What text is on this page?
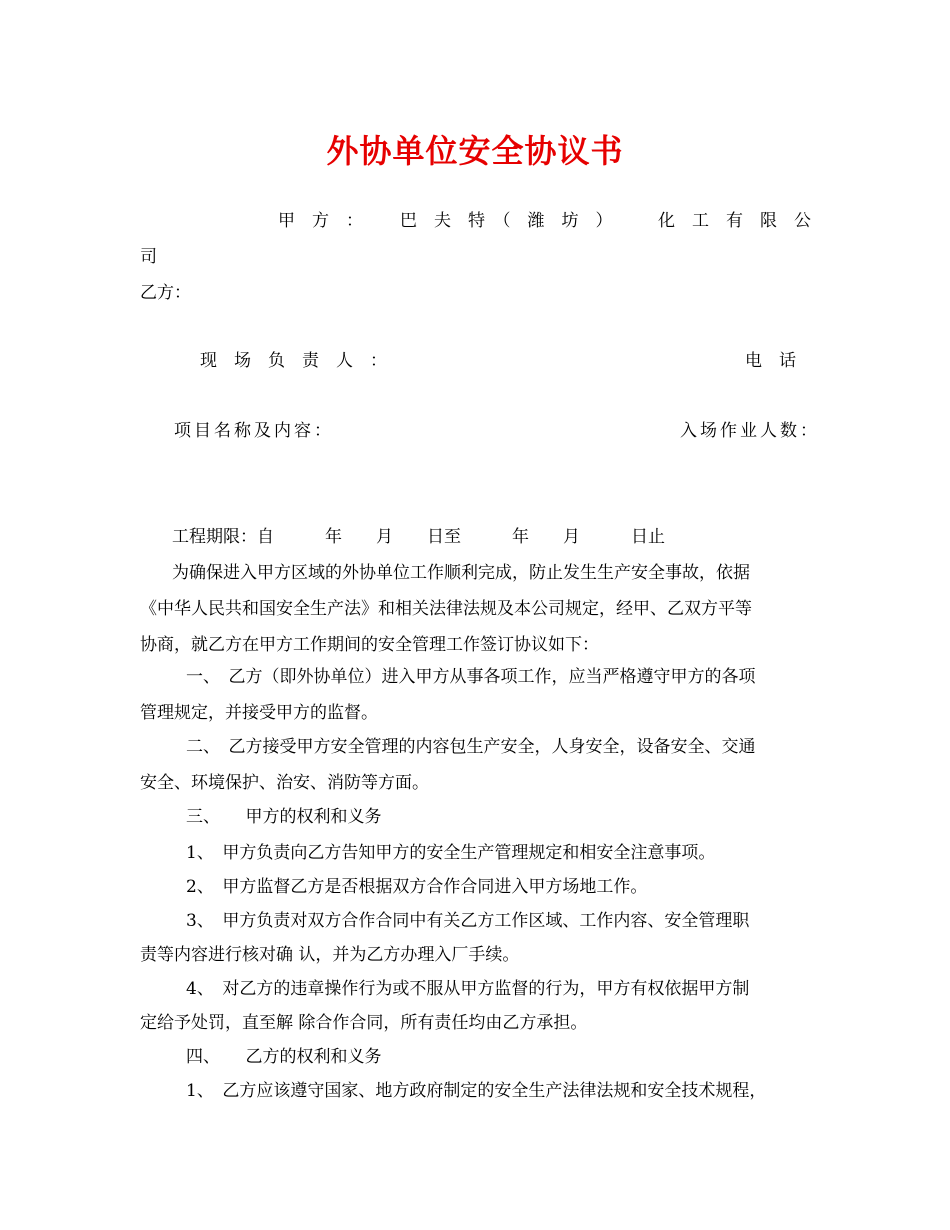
外协单位安全协议书
甲　方　： 巴　夫　特　（　潍　坊　）	化　工　有　限　公
司
乙方：
现　场　负　责　人　：	电　话
项目名称及内容：	入场作业人数：
工程期限：自　　　年　　月　　日至　　　年　　月　　　日止
为确保进入甲方区域的外协单位工作顺利完成，防止发生生产安全事故，依据
《中华人民共和国安全生产法》和相关法律法规及本公司规定，经甲、乙双方平等
协商，就乙方在甲方工作期间的安全管理工作签订协议如下：
一、　乙方（即外协单位）进入甲方从事各项工作，应当严格遵守甲方的各项
管理规定，并接受甲方的监督。
二、　乙方接受甲方安全管理的内容包生产安全，人身安全，设备安全、交通
安全、环境保护、治安、消防等方面。
三、　　甲方的权利和义务
1、　甲方负责向乙方告知甲方的安全生产管理规定和相安全注意事项。
2、　甲方监督乙方是否根据双方合作合同进入甲方场地工作。
3、　甲方负责对双方合作合同中有关乙方工作区域、工作内容、安全管理职
责等内容进行核对确 认，并为乙方办理入厂手续。
4、　对乙方的违章操作行为或不服从甲方监督的行为，甲方有权依据甲方制
定给予处罚，直至解 除合作合同，所有责任均由乙方承担。
四、　　乙方的权利和义务
1、　乙方应该遵守国家、地方政府制定的安全生产法律法规和安全技术规程，
